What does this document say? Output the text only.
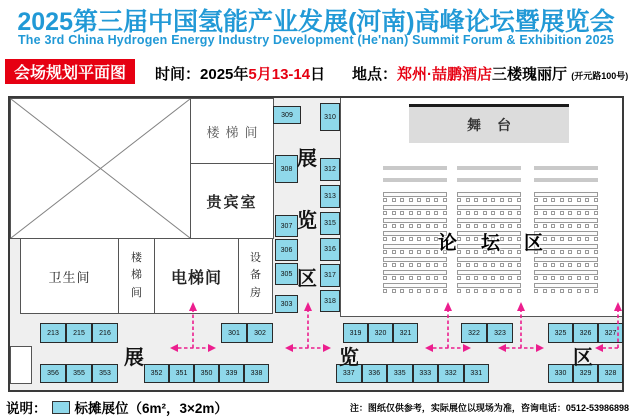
2025第三届中国氢能产业发展(河南)高峰论坛暨展览会
The 3rd China Hydrogen Energy Industry Development (He'nan) Summit Forum & Exhibition 2025
会场规划平面图	时间：2025年5月13-14日 地点：郑州·喆鹏酒店三楼瑰丽厅 (开元路100号)
楼梯间
贵宾室
卫生间
楼
梯
间
电梯间
设
备
房
舞台
论坛区
309
308
307
306
305
303
310
312
313
315
316
317
318
213	215	216	301	302	319	320	321	322	323	325	326	327
356	355	353	352	351	350	339	338	337	336	335	333	332	331	330	329	328
展
览
区
展	览	区
说明： 标摊展位（6m²，3×2m）	注：图纸仅供参考，实际展位以现场为准，咨询电话：0512-53986898
